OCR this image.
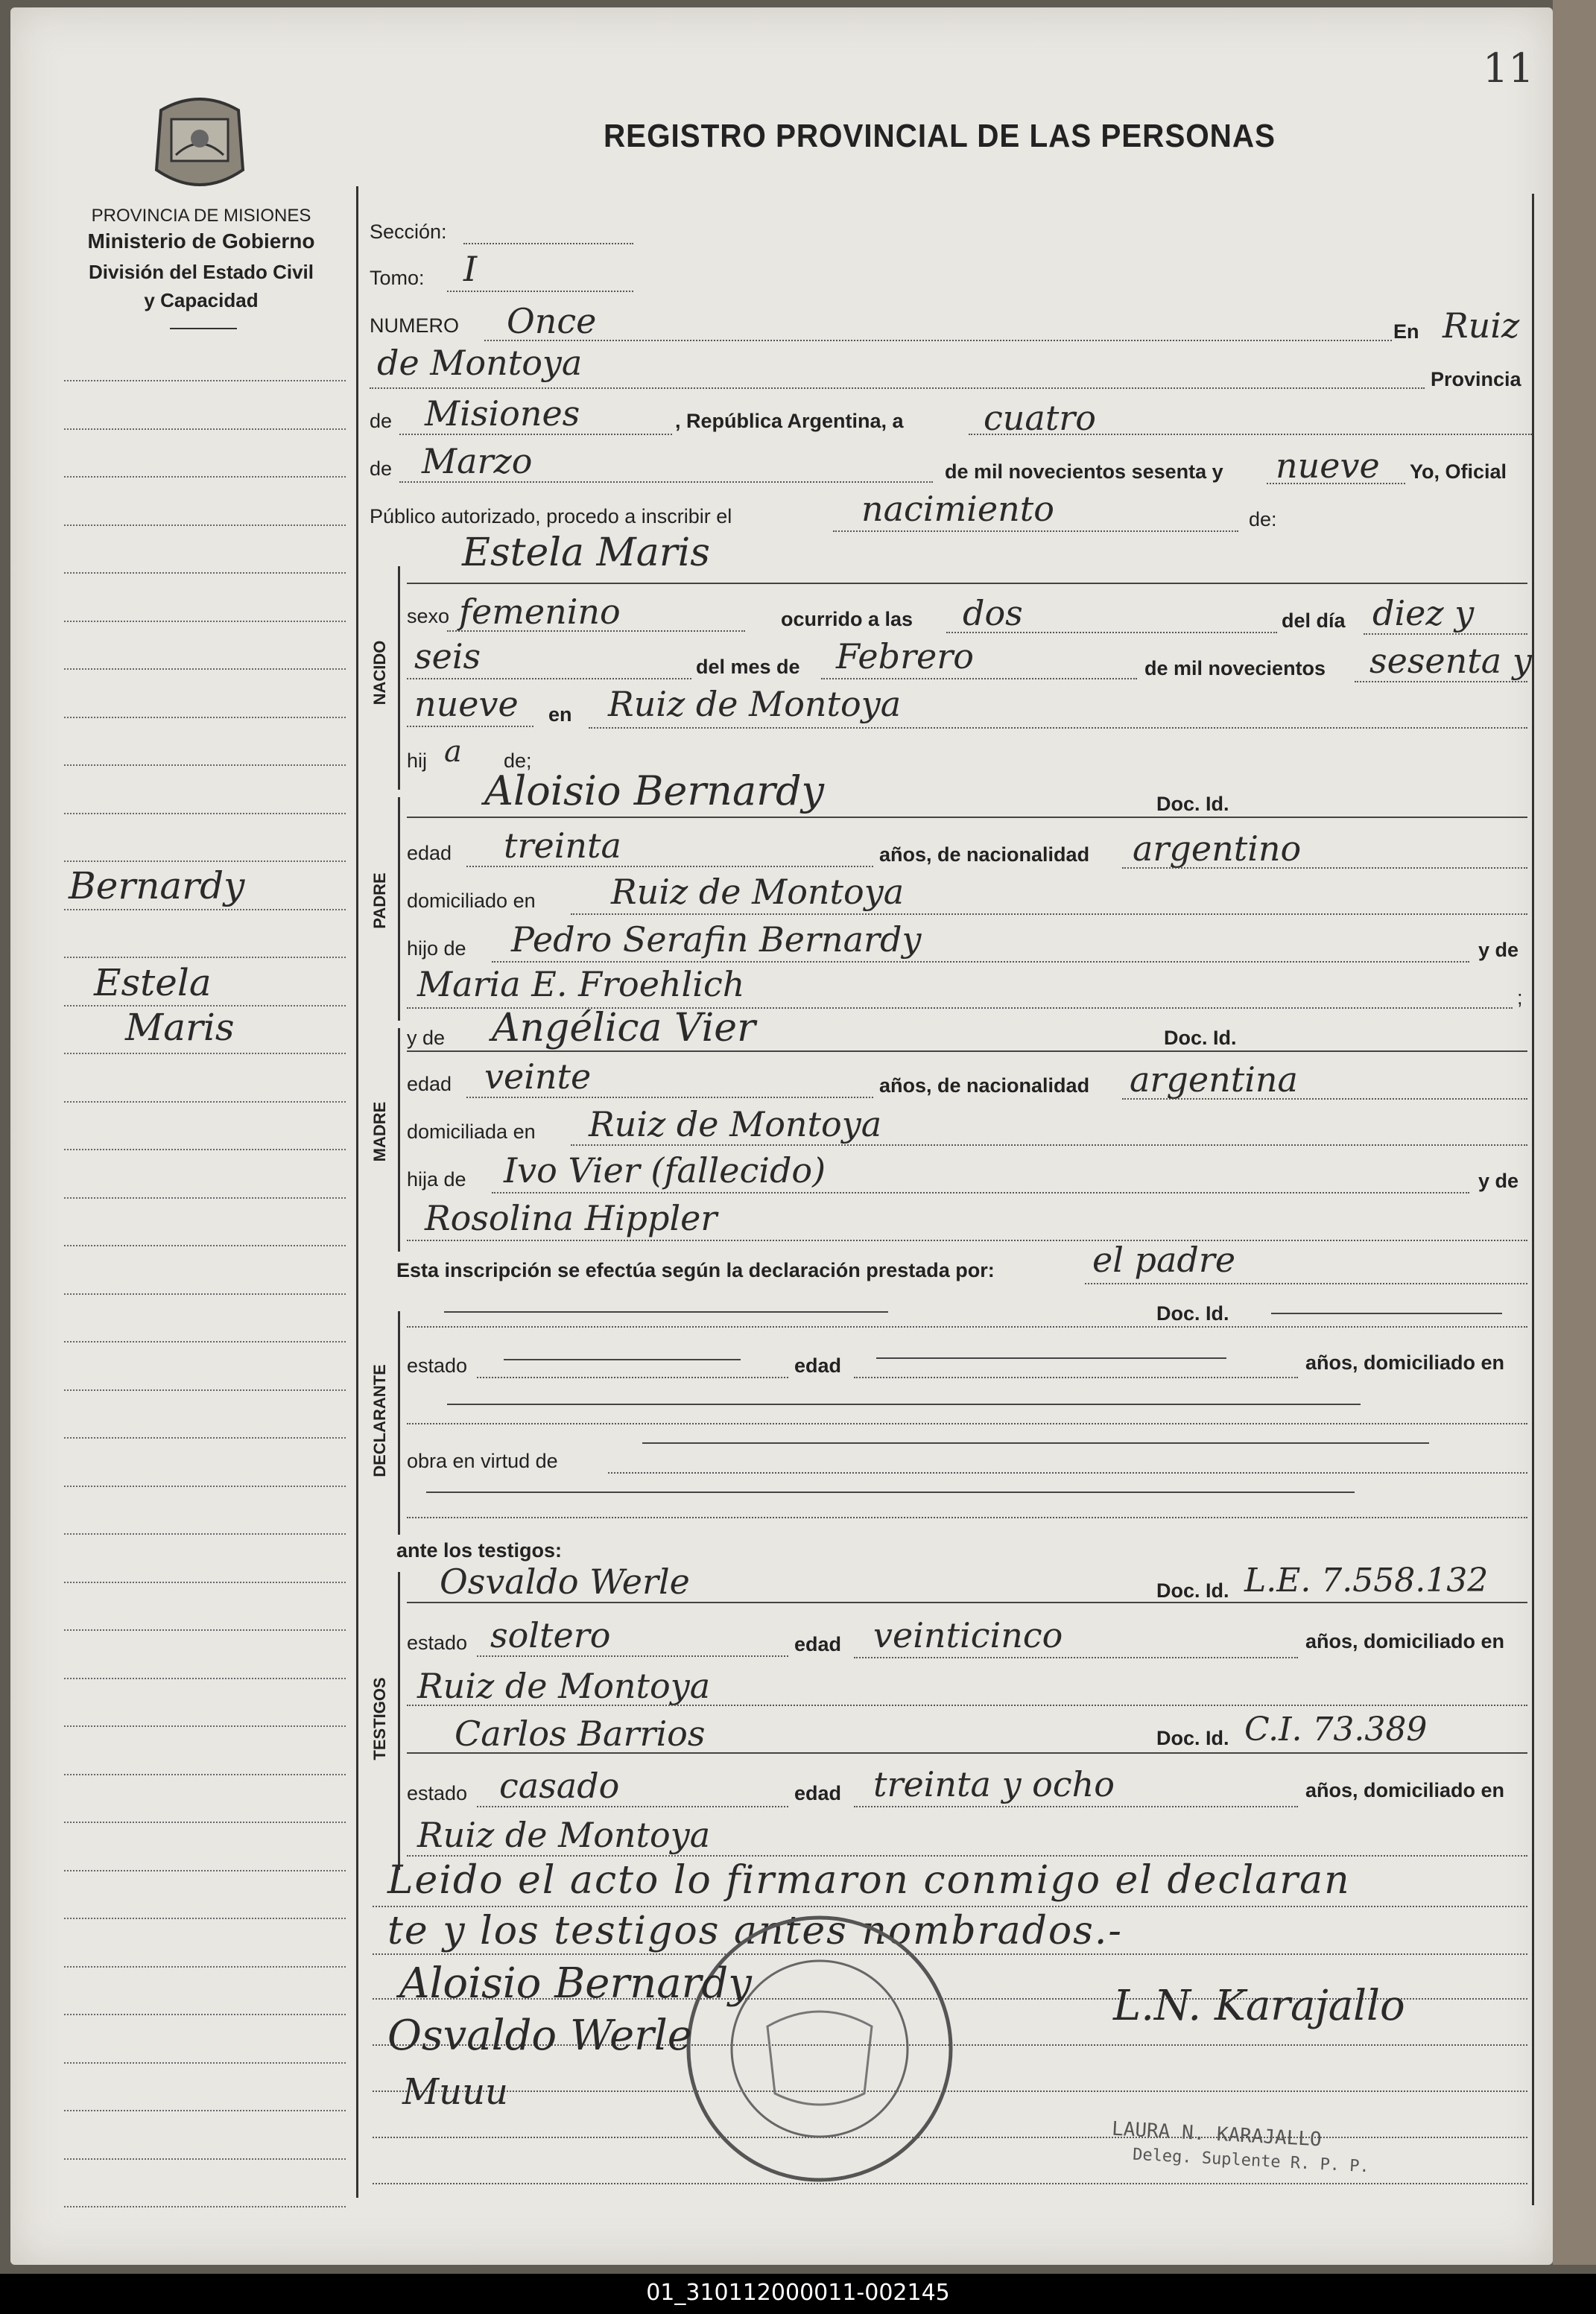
11
PROVINCIA DE MISIONES
Ministerio de Gobierno
División del Estado Civil
y Capacidad
REGISTRO PROVINCIAL DE LAS PERSONAS
Bernardy
Estela
Maris
Sección:
Tomo: I
NUMERO Once	En Ruiz
de Montoya	Provincia
de Misiones	, República Argentina, a cuatro
de Marzo	de mil novecientos sesenta y nueve Yo, Oficial
Público autorizado, procedo a inscribir el	nacimiento	de:
NACIDO
Estela Maris
sexo femenino	ocurrido a las dos	del día diez y
seis	del mes de Febrero	de mil novecientos sesenta y
nueve en Ruiz de Montoya
hij a de;
PADRE
Aloisio Bernardy	Doc. Id.
edad treinta	años, de nacionalidad argentino
domiciliado en Ruiz de Montoya
hijo de Pedro Serafin Bernardy	y de
Maria E. Froehlich	;
MADRE
y de Angélica Vier	Doc. Id.
edad veinte	años, de nacionalidad argentina
domiciliada en Ruiz de Montoya
hija de Ivo Vier (fallecido)	y de
Rosolina Hippler
Esta inscripción se efectúa según la declaración prestada por:	el padre
DECLARANTE
Doc. Id.
estado	edad	años, domiciliado en
obra en virtud de
ante los testigos:
TESTIGOS
Osvaldo Werle	Doc. Id. L.E. 7.558.132
estado soltero	edad veinticinco	años, domiciliado en
Ruiz de Montoya
Carlos Barrios	Doc. Id. C.I. 73.389
estado casado	edad treinta y ocho	años, domiciliado en
Ruiz de Montoya
Leido el acto lo firmaron conmigo el declaran
te y los testigos antes nombrados.-
Aloisio Bernardy
Osvaldo Werle
Muuu
L.N. Karajallo
LAURA N. KARAJALLO
Deleg. Suplente R. P. P.
01_310112000011-002145
